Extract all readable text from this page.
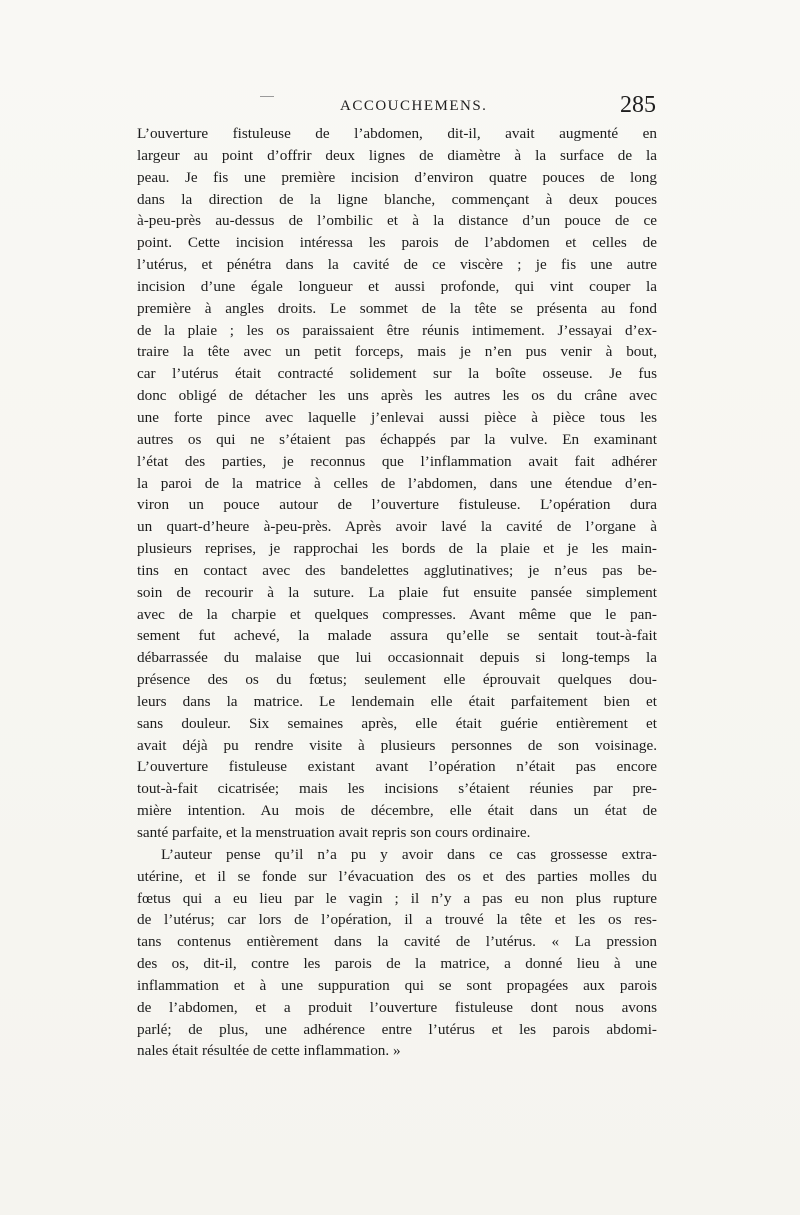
ACCOUCHEMENS.	285
L’ouverture fistuleuse de l’abdomen, dit-il, avait augmenté en
largeur au point d’offrir deux lignes de diamètre à la surface de la
peau. Je fis une première incision d’environ quatre pouces de long
dans la direction de la ligne blanche, commençant à deux pouces
à-peu-près au-dessus de l’ombilic et à la distance d’un pouce de ce
point. Cette incision intéressa les parois de l’abdomen et celles de
l’utérus, et pénétra dans la cavité de ce viscère ; je fis une autre
incision d’une égale longueur et aussi profonde, qui vint couper la
première à angles droits. Le sommet de la tête se présenta au fond
de la plaie ; les os paraissaient être réunis intimement. J’essayai d’ex-
traire la tête avec un petit forceps, mais je n’en pus venir à bout,
car l’utérus était contracté solidement sur la boîte osseuse. Je fus
donc obligé de détacher les uns après les autres les os du crâne avec
une forte pince avec laquelle j’enlevai aussi pièce à pièce tous les
autres os qui ne s’étaient pas échappés par la vulve. En examinant
l’état des parties, je reconnus que l’inflammation avait fait adhérer
la paroi de la matrice à celles de l’abdomen, dans une étendue d’en-
viron un pouce autour de l’ouverture fistuleuse. L’opération dura
un quart-d’heure à-peu-près. Après avoir lavé la cavité de l’organe à
plusieurs reprises, je rapprochai les bords de la plaie et je les main-
tins en contact avec des bandelettes agglutinatives; je n’eus pas be-
soin de recourir à la suture. La plaie fut ensuite pansée simplement
avec de la charpie et quelques compresses. Avant même que le pan-
sement fut achevé, la malade assura qu’elle se sentait tout-à-fait
débarrassée du malaise que lui occasionnait depuis si long-temps la
présence des os du fœtus; seulement elle éprouvait quelques dou-
leurs dans la matrice. Le lendemain elle était parfaitement bien et
sans douleur. Six semaines après, elle était guérie entièrement et
avait déjà pu rendre visite à plusieurs personnes de son voisinage.
L’ouverture fistuleuse existant avant l’opération n’était pas encore
tout-à-fait cicatrisée; mais les incisions s’étaient réunies par pre-
mière intention. Au mois de décembre, elle était dans un état de
santé parfaite, et la menstruation avait repris son cours ordinaire.
L’auteur pense qu’il n’a pu y avoir dans ce cas grossesse extra-
utérine, et il se fonde sur l’évacuation des os et des parties molles du
fœtus qui a eu lieu par le vagin ; il n’y a pas eu non plus rupture
de l’utérus; car lors de l’opération, il a trouvé la tête et les os res-
tans contenus entièrement dans la cavité de l’utérus. « La pression
des os, dit-il, contre les parois de la matrice, a donné lieu à une
inflammation et à une suppuration qui se sont propagées aux parois
de l’abdomen, et a produit l’ouverture fistuleuse dont nous avons
parlé; de plus, une adhérence entre l’utérus et les parois abdomi-
nales était résultée de cette inflammation. »
